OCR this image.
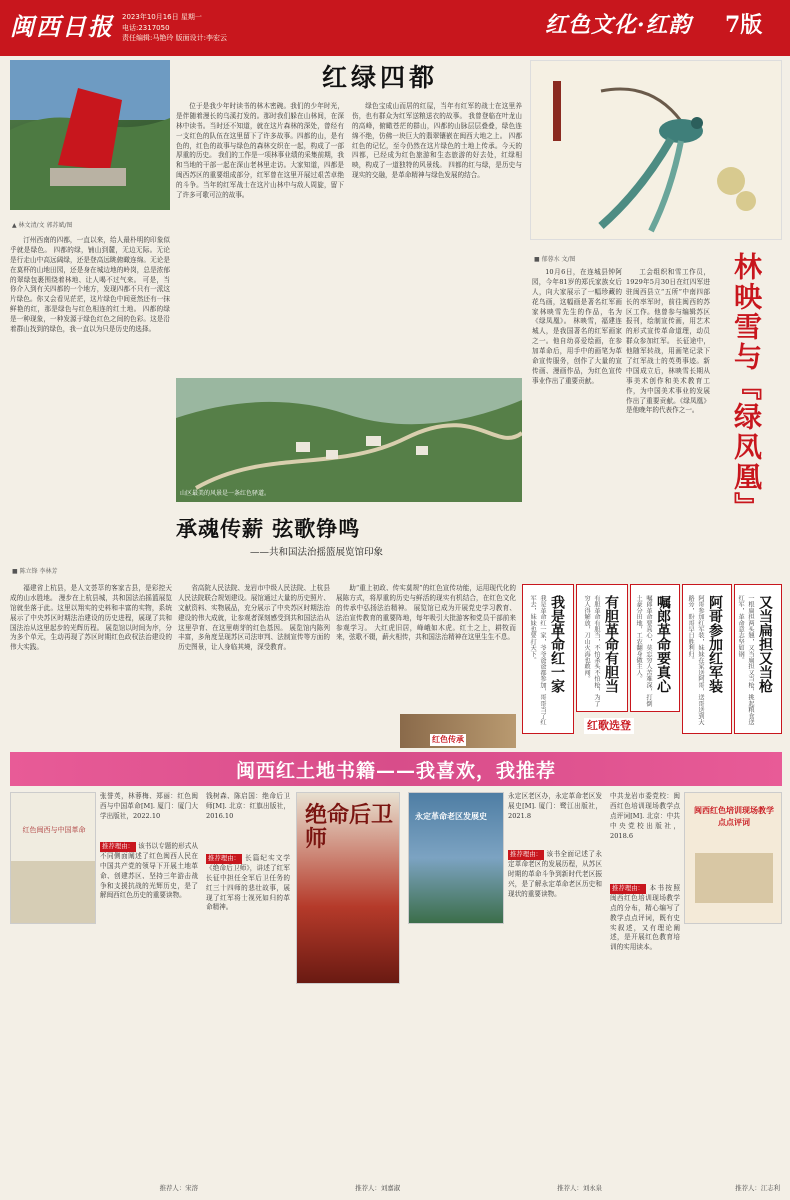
闽西日报 2023年10月16日 星期一
电话:2317050
责任编辑:马艳玲 版面设计:李宏云	红色文化·红韵 7版
▲ 林文清/文 郭苏斌/图
红绿四都

汀州西南的四都，一直以来，给人最朴明的印象似乎就是绿色。 四都的绿，铺山到麓，无边无际。无论是行走山中高远阔绿，还是登高远眺俯瞰连绵。无论是在莫杯的山地田园，还是身在城边地的岭岗，总是浓郁的翠绿包裹围绕着林地、让人喝不过气来。 可是，当你介入到有关四都的一个地方，发现四都不只有一派这片绿色。你又会看见茫茫，这片绿色中间竟然还有一抹鲜艳的红，那是绿色与红色相连的红土地。 四都的绿是一种现象，一种发源于绿色红色之间的色彩。这是沿着群山找到的绿色，我一直以为只是历史的选择。

位于是我少年时读书的林木密碗。我们的少年时光，是伴随着漫长的乌溪打发的。那时我们躲在山林间，在深林中读书。当时还不知道，就在这片森林的深处，曾经有一支红色的队伍在这里留下了许多故事。四都的山，是有色的，红色的故事与绿色的森林交织在一起，构成了一部厚重的历史。 我们的工作是一项林事业绩的采集前期，我和当地的干部一起在深山老林里走访。大家知道，四都是闽西苏区的重要组成部分，红军曾在这里开展过艰苦卓绝的斗争。当年的红军战士在这片山林中与敌人周旋，留下了许多可歌可泣的故事。

绿色宝成山而居的红屋，当年有红军的战士在这里养伤，也有群众为红军送粮送衣的故事。 我曾登临在叶龙山的高峰，俯瞰苍茫的群山，四都的山脉层层叠叠，绿色连绵不绝，仿佛一块巨大的翡翠镶嵌在闽西大地之上。 四都红色的记忆，至今仍然在这片绿色的土地上传承。今天的四都，已经成为红色旅游和生态旅游的好去处，红绿相映，构成了一道独特的风景线。 四都的红与绿，是历史与现实的交融，是革命精神与绿色发展的结合。

山区最美的风景是一条红色驿道。
承魂传薪 弦歌铮鸣
——共和国法治摇篮展览馆印象
■ 陈立锋 李林芳
■ 郁蓉水 文/图	林映雪与『绿凤凰』

10月6日，在连城县钟阿园，今年81岁的郑氏家族女后人，向大家展示了一幅珍藏的花鸟画，这幅画是著名红军画家林映雪先生的作品，名为《绿凤凰》。 林映雪，福建连城人，是我国著名的红军画家之一。他自幼喜爱绘画，在参加革命后，用手中的画笔为革命宣传服务，创作了大量的宣传画、漫画作品，为红色宣传事业作出了重要贡献。

工会组织和雪工作员，1929年5月30日在红四军进驻闽西县立“五所”中南四部长的率军时，前往闽西的苏区工作。他曾参与编辑苏区报刊，绘制宣传画，用艺术的形式宣传革命道理，动员群众参加红军。 长征途中，他随军转战，用画笔记录下了红军战士的英勇事迹。新中国成立后，林映雪长期从事美术创作和美术教育工作，为中国美术事业的发展作出了重要贡献。《绿凤凰》是他晚年的代表作之一。

闽西红土地书籍——我喜欢，我推荐

福建省上杭县，是人文荟萃的客家古县，是彩控天成的山水胜地。 漫步在上杭县城，共和国法治摇篮展览馆就坐落于此。这里以翔实的史料和丰富的实物，系统展示了中央苏区时期法治建设的历史进程，展现了共和国法治从这里起步的光辉历程。 展览馆以时间为序，分为多个单元，生动再现了苏区时期红色政权法治建设的伟大实践。

省高院人民法院、龙岩市中级人民法院、上杭县人民法院联合规划建设。展馆通过大量的历史照片、文献资料、实物展品，充分展示了中央苏区时期法治建设的伟大成就，让参观者深刻感受到共和国法治从这里孕育、在这里萌芽的红色基因。 展览馆内陈列丰富，多角度呈现苏区司法审判、法制宣传等方面的历史图景，让人身临其境，深受教育。

助“重上初政、传实莫规”的红色宣传功能，运用现代化的展陈方式，将厚重的历史与鲜活的现实有机结合，在红色文化的传承中弘扬法治精神。 展览馆已成为开展党史学习教育、法治宣传教育的重要阵地，每年吸引大批游客和党员干部前来参观学习。 大红虎旧居，峰峨如木虎。红土之上，耕牧而来，弦歌不辍，薪火相传，共和国法治精神在这里生生不息。

红色传承
我是革命红一家
我是革命红一家，爷爷爸爸都参加，哥哥当了红军去，妹妹也要打天下。	有胆革命有胆当
有胆革命有胆当，不怕杀头不怕枪，为了穷人得解放，刀山火海也敢闯。	嘱郎革命要真心
嘱郎革命要真心，莫忘穷人苦难深，打倒土豪分田地，工农翻身做主人。	阿哥参加红军装
阿哥参加红军装，妹妹在家送阿哥，送哥送到大路旁，盼哥早日胜利归。	又当扁担又当枪
一根扁担两头翘，又当扁担又当枪，挑起粮食送红军，革命意志坚如钢。
红歌选登
红色闽西与中国革命
张誉英，林蓉梅、郑丽：红色闽西与中国革命[M]. 厦门：厦门大学出版社，2022.10
推荐理由： 该书以专题的形式从不同侧面阐述了红色闽西人民在中国共产党的领导下开展土地革命、创建苏区、坚持三年游击战争和支援抗战的光辉历史，是了解闽西红色历史的重要读物。
推荐人：宋溶
钱树森、陈启国：绝命后卫师[M]. 北京：红旗出版社，2016.10
推荐理由： 长篇纪实文学《绝命后卫师》，讲述了红军长征中担任全军后卫任务的红三十四师的悲壮故事，展现了红军将士视死如归的革命精神。
绝命后卫师
推荐人：刘嘉淑
永定革命老区发展史
永定区老区办，永定革命老区发展史[M]. 厦门：鹭江出版社，2021.8
推荐理由： 该书全面记述了永定革命老区的发展历程，从苏区时期的革命斗争到新时代老区振兴，是了解永定革命老区历史和现状的重要读物。
推荐人：刘永泉
中共龙岩市委党校：闽西红色培训现场教学点点评词[M]. 北京：中共中央党校出版社，2018.6
闽西红色培训现场教学点点评词
推荐理由： 本书按照闽西红色培训现场教学点的分布，精心编写了教学点点评词，既有史实叙述，又有理论阐述，是开展红色教育培训的实用读本。
推荐人：江志利
